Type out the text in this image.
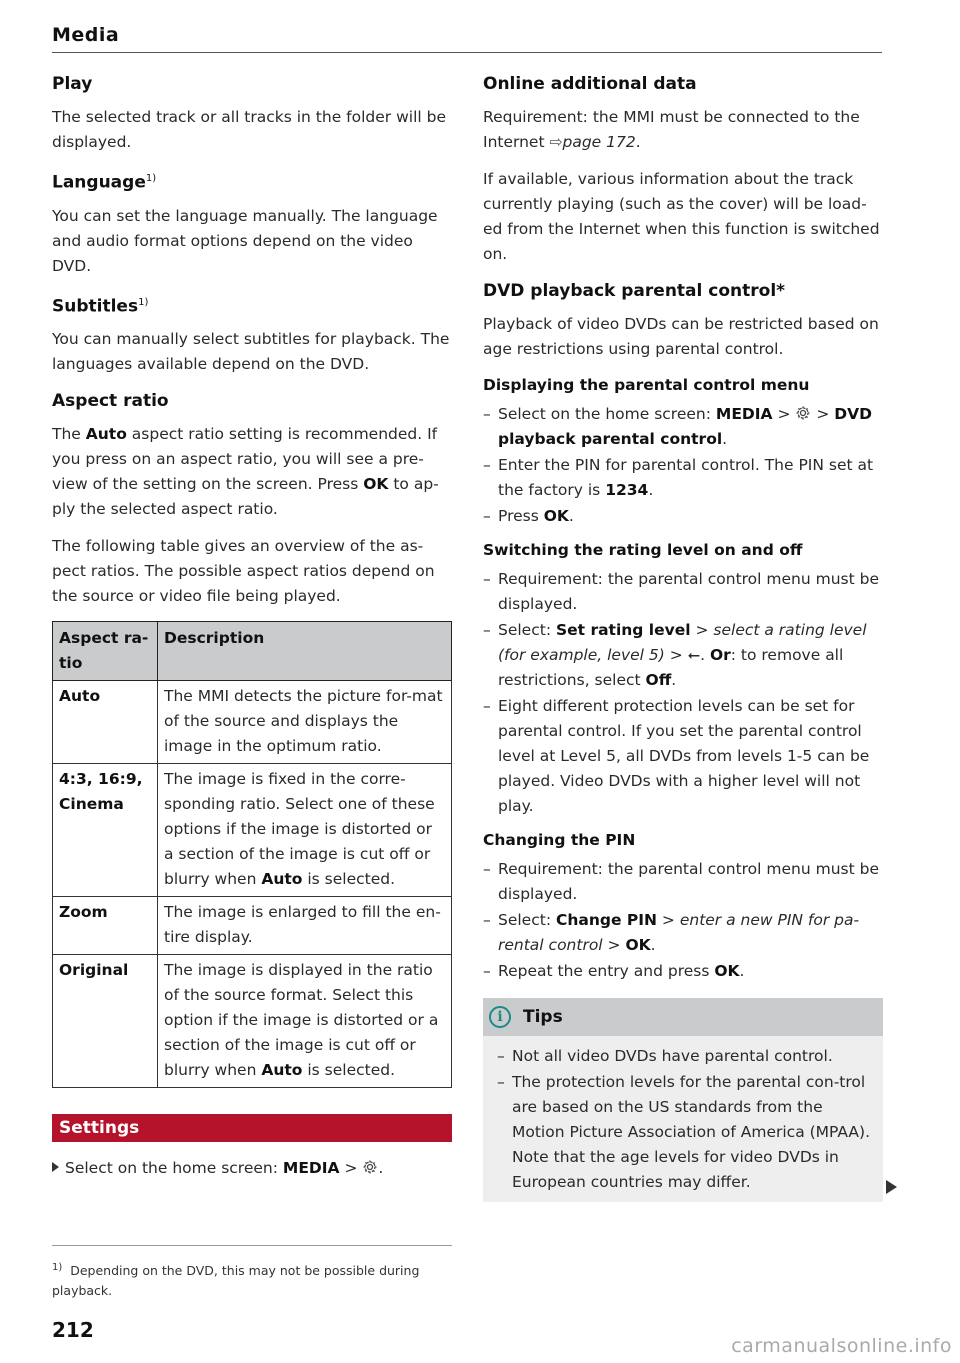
Media
Play

The selected track or all tracks in the folder will be displayed.

Language$^{1)}$

You can set the language manually. The language and audio format options depend on the video DVD.

Subtitles$^{1)}$

You can manually select subtitles for playback. The languages available depend on the DVD.

Aspect ratio

The Auto aspect ratio setting is recommended. If you press on an aspect ratio, you will see a pre-view of the setting on the screen. Press OK to ap-ply the selected aspect ratio.

The following table gives an overview of the as-pect ratios. The possible aspect ratios depend on the source or video file being played.

Aspect ra-tio	Description
Auto	The MMI detects the picture for-mat of the source and displays the image in the optimum ratio.
4:3, 16:9, Cinema	The image is fixed in the corre-sponding ratio. Select one of these options if the image is distorted or a section of the image is cut off or blurry when Auto is selected.
Zoom	The image is enlarged to fill the en-tire display.
Original	The image is displayed in the ratio of the source format. Select this option if the image is distorted or a section of the image is cut off or blurry when Auto is selected.
Settings

Select on the home screen: MEDIA > .

$^{1)}$ Depending on the DVD, this may not be possible during playback.
212
Online additional data

Requirement: the MMI must be connected to the Internet ⇨page 172.

If available, various information about the track currently playing (such as the cover) will be load-ed from the Internet when this function is switched on.

DVD playback parental control*

Playback of video DVDs can be restricted based on age restrictions using parental control.

Displaying the parental control menu
– Select on the home screen: MEDIA >  > DVD playback parental control.
– Enter the PIN for parental control. The PIN set at the factory is 1234.
– Press OK.
Switching the rating level on and off
– Requirement: the parental control menu must be displayed.
– Select: Set rating level > select a rating level (for example, level 5) > ⭠. Or: to remove all restrictions, select Off.
– Eight different protection levels can be set for parental control. If you set the parental control level at Level 5, all DVDs from levels 1-5 can be played. Video DVDs with a higher level will not play.
Changing the PIN
– Requirement: the parental control menu must be displayed.
– Select: Change PIN > enter a new PIN for pa-rental control > OK.
– Repeat the entry and press OK.
i	Tips
– Not all video DVDs have parental control.
– The protection levels for the parental con-trol are based on the US standards from the Motion Picture Association of America (MPAA). Note that the age levels for video DVDs in European countries may differ.
carmanualsonline.info
